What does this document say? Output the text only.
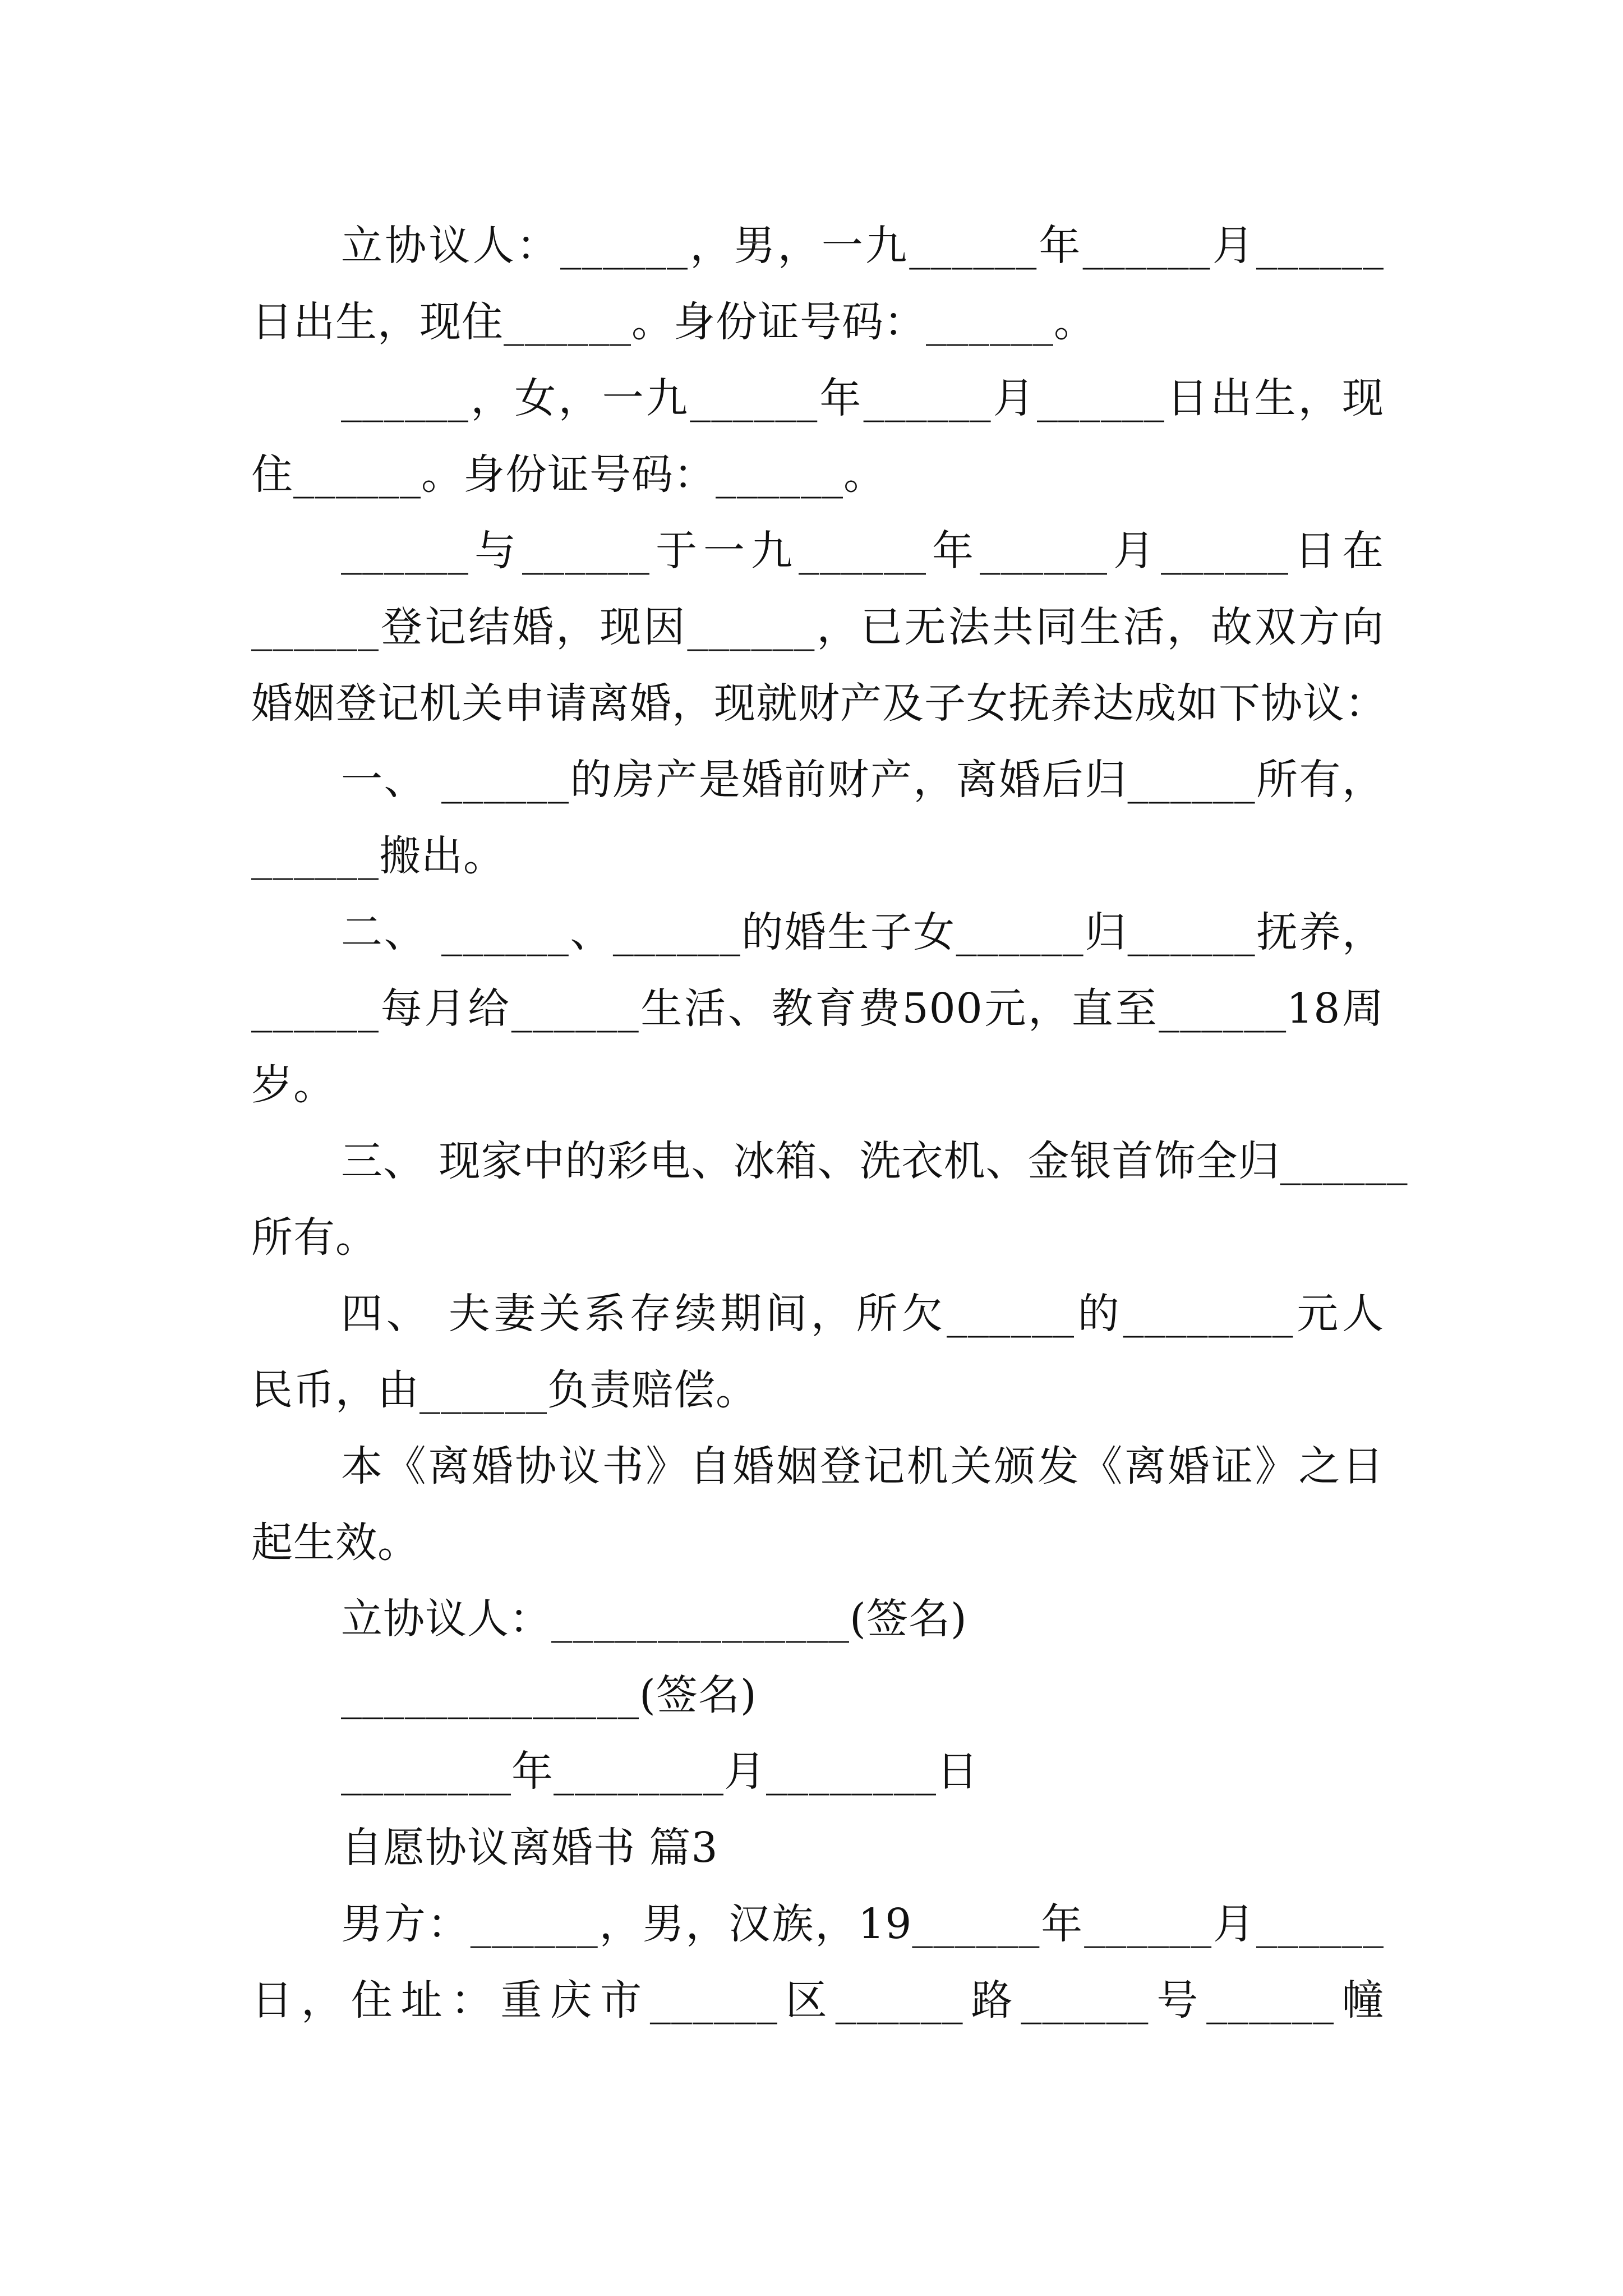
立协议人：______，男，一九______年______月______
日出生，现住______。身份证号码：______。
______，女，一九______年______月______日出生，现
住______。身份证号码：______。
______与______于一九______年______月______日在
______登记结婚，现因______，已无法共同生活，故双方向
婚姻登记机关申请离婚，现就财产及子女抚养达成如下协议：
一、 ______的房产是婚前财产，离婚后归______所有，
______搬出。
二、 ______、______的婚生子女______归______抚养，
______每月给______生活、教育费500元，直至______18周
岁。
三、 现家中的彩电、冰箱、洗衣机、金银首饰全归______
所有。
四、 夫妻关系存续期间，所欠______的________元人
民币，由______负责赔偿。
本《离婚协议书》自婚姻登记机关颁发《离婚证》之日
起生效。
立协议人：______________(签名)
______________(签名)
________年________月________日
自愿协议离婚书 篇3
男方：______，男，汉族，19______年______月______
日，住址：重庆市______区______路______号______幢
